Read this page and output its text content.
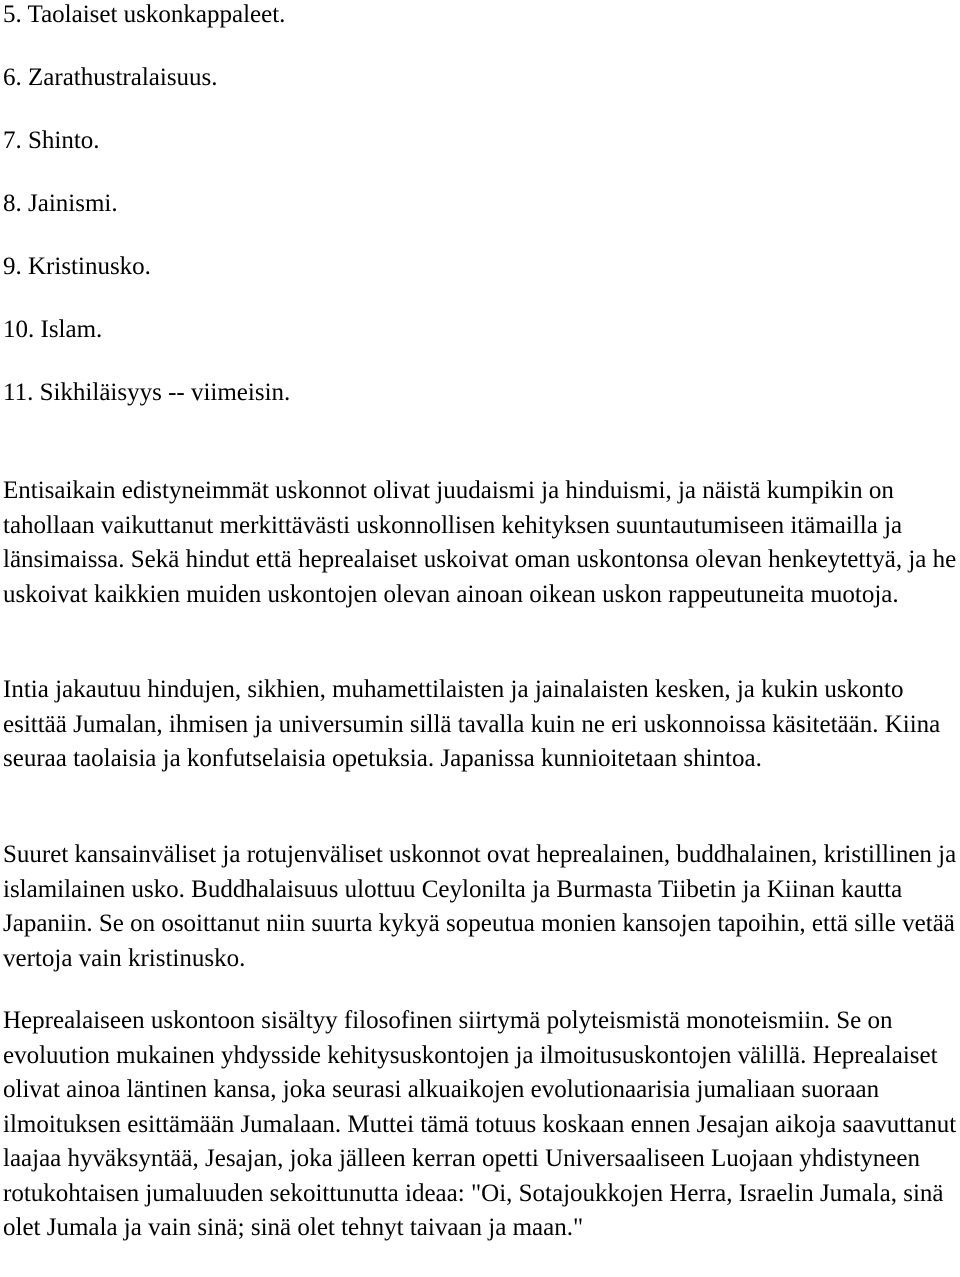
5. Taolaiset uskonkappaleet.
6. Zarathustralaisuus.
7. Shinto.
8. Jainismi.
9. Kristinusko.
10. Islam.
11. Sikhiläisyys -- viimeisin.

Entisaikain edistyneimmät uskonnot olivat juudaismi ja hinduismi, ja näistä kumpikin on tahollaan vaikuttanut merkittävästi uskonnollisen kehityksen suuntautumiseen itämailla ja länsimaissa. Sekä hindut että heprealaiset uskoivat oman uskontonsa olevan henkeytettyä, ja he uskoivat kaikkien muiden uskontojen olevan ainoan oikean uskon rappeutuneita muotoja.

Intia jakautuu hindujen, sikhien, muhamettilaisten ja jainalaisten kesken, ja kukin uskonto esittää Jumalan, ihmisen ja universumin sillä tavalla kuin ne eri uskonnoissa käsitetään. Kiina seuraa taolaisia ja konfutselaisia opetuksia. Japanissa kunnioitetaan shintoa.

Suuret kansainväliset ja rotujenväliset uskonnot ovat heprealainen, buddhalainen, kristillinen ja islamilainen usko. Buddhalaisuus ulottuu Ceylonilta ja Burmasta Tiibetin ja Kiinan kautta Japaniin. Se on osoittanut niin suurta kykyä sopeutua monien kansojen tapoihin, että sille vetää vertoja vain kristinusko.

Heprealaiseen uskontoon sisältyy filosofinen siirtymä polyteismistä monoteismiin. Se on evoluution mukainen yhdysside kehitysuskontojen ja ilmoitususkontojen välillä. Heprealaiset olivat ainoa läntinen kansa, joka seurasi alkuaikojen evolutionaarisia jumaliaan suoraan ilmoituksen esittämään Jumalaan. Muttei tämä totuus koskaan ennen Jesajan aikoja saavuttanut laajaa hyväksyntää, Jesajan, joka jälleen kerran opetti Universaaliseen Luojaan yhdistyneen rotukohtaisen jumaluuden sekoittunutta ideaa: "Oi, Sotajoukkojen Herra, Israelin Jumala, sinä olet Jumala ja vain sinä; sinä olet tehnyt taivaan ja maan."
